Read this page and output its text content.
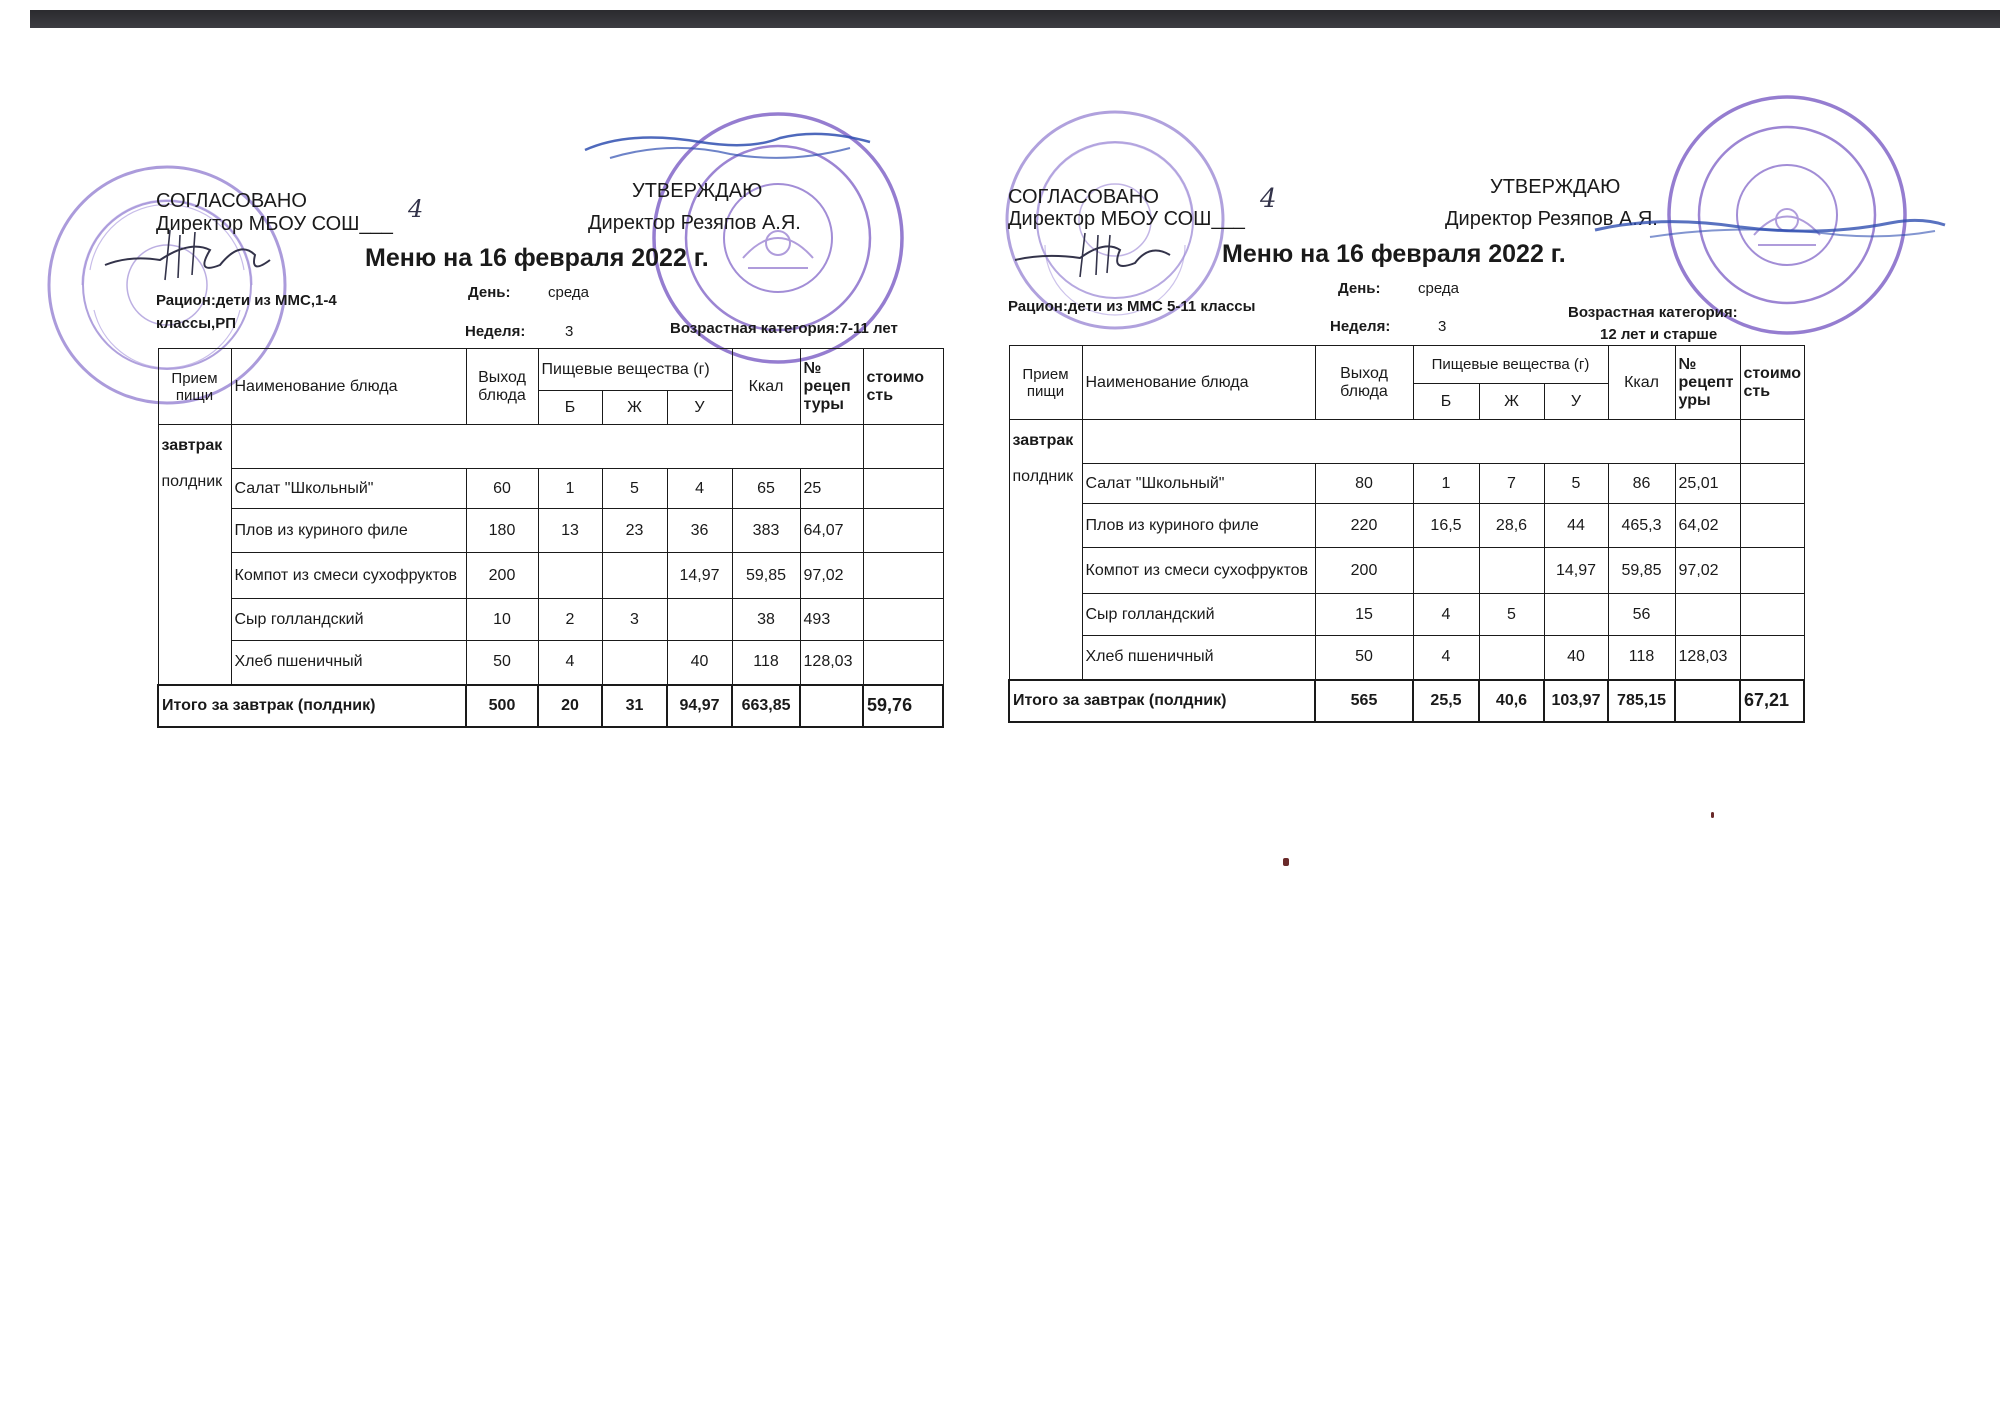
СОГЛАСОВАНО
Директор МБОУ СОШ___
4
УТВЕРЖДАЮ
Директор Резяпов А.Я.
Меню на 16 февраля 2022 г.
Рацион:дети из ММС,1-4
классы,РП
День:	среда
Неделя:	3	Возрастная категория:7-11 лет
Прием пищи	Наименование блюда	Выход блюда	Пищевые вещества (г)			Ккал	№ рецеп туры	стоимо сть
			Б	Ж	У			

завтрак
полдник								

	Салат "Школьный"	60	1	5	4	65	25	
	Плов из куриного филе	180	13	23	36	383	64,07	
	Компот из смеси сухофруктов	200			14,97	59,85	97,02	
	Сыр голландский	10	2	3		38	493	
	Хлеб пшеничный	50	4		40	118	128,03	
Итого за завтрак (полдник)		500	20	31	94,97	663,85		59,76
СОГЛАСОВАНО
Директор МБОУ СОШ___
4	УТВЕРЖДАЮ
Директор Резяпов А.Я.
Меню на 16 февраля 2022 г.
Рацион:дети из ММС 5-11 классы
День:	среда
Неделя:	3
Возрастная категория:
12 лет и старше
Прием пищи	Наименование блюда	Выход блюда	Пищевые вещества (г)			Ккал	№ рецепт уры	стоимо сть
			Б	Ж	У			

завтрак
полдник								

	Салат "Школьный"	80	1	7	5	86	25,01	
	Плов из куриного филе	220	16,5	28,6	44	465,3	64,02	
	Компот из смеси сухофруктов	200			14,97	59,85	97,02	
	Сыр голландский	15	4	5		56		
	Хлеб пшеничный	50	4		40	118	128,03	
Итого за завтрак (полдник)		565	25,5	40,6	103,97	785,15		67,21
